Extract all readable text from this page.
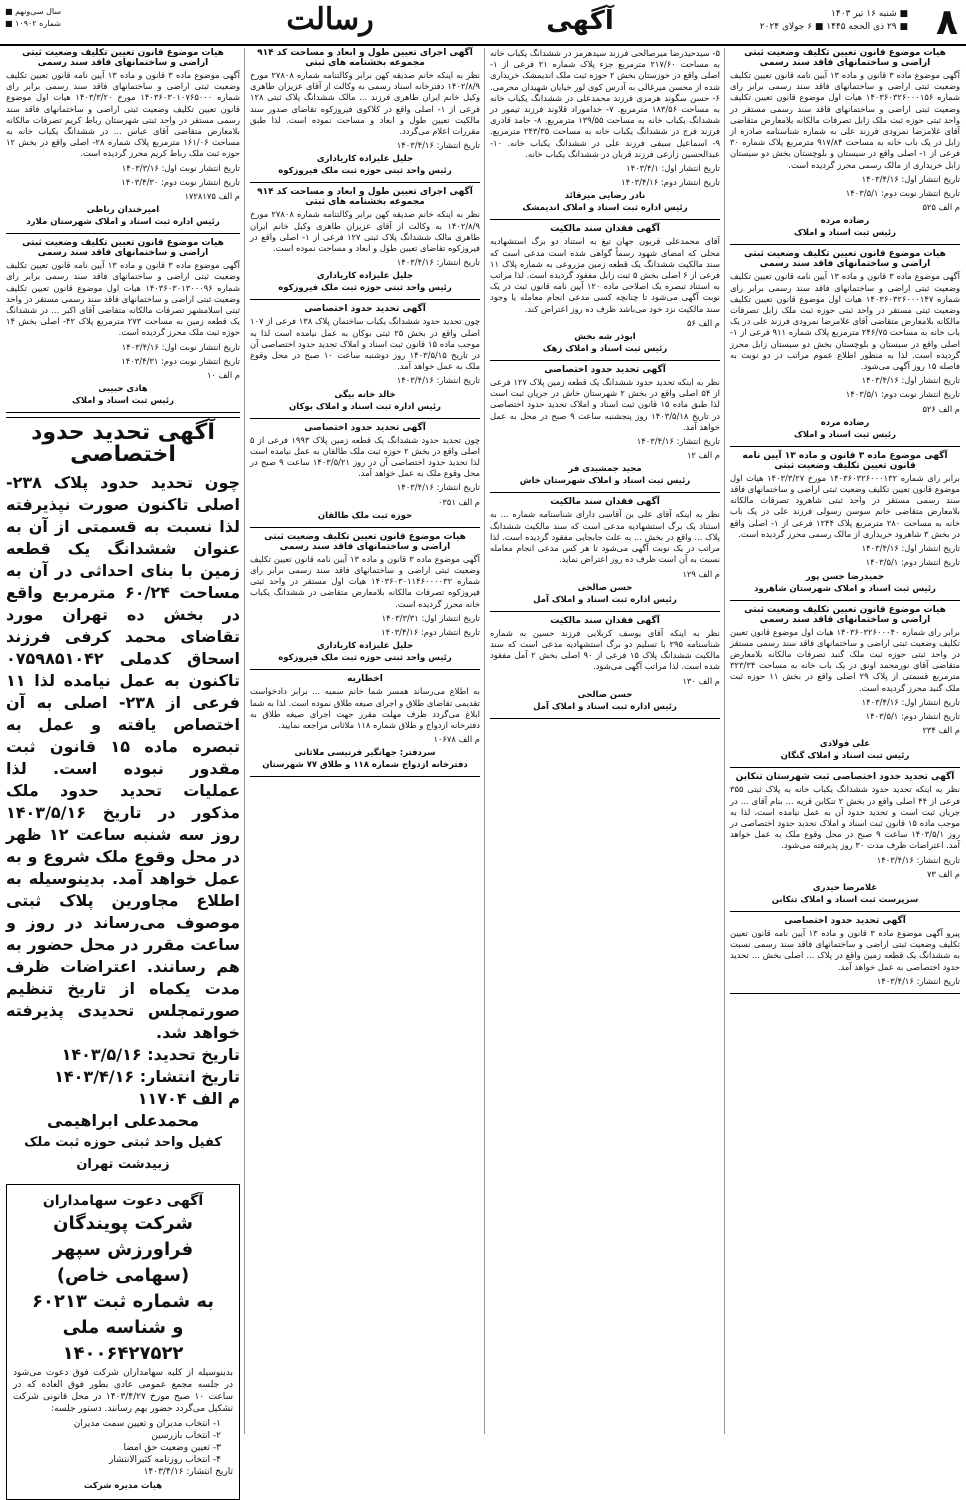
۸
■ شنبه ۱۶ تیر ۱۴۰۳
■ ۲۹ ذی الحجه ۱۴۴۵ ■ ۶ جولای ۲۰۲۴
آگهی
رسالت
سال سی‌ونهم ■
شماره ۱۰۹۰۲ ■
هیات موضوع قانون تعیین تکلیف وضعیت ثبتی اراضی و ساختمانهای فاقد سند رسمی

آگهی موضوع ماده ۳ قانون و ماده ۱۳ آیین نامه قانون تعیین تکلیف وضعیت ثبتی اراضی و ساختمانهای فاقد سند رسمی برابر رای شماره ۱۴۰۳۶۰۳۲۶۰۰۰۱۵۶ هیات اول موضوع قانون تعیین تکلیف وضعیت ثبتی اراضی و ساختمانهای فاقد سند رسمی مستقر در واحد ثبتی حوزه ثبت ملک زابل تصرفات مالکانه بلامعارض متقاضی آقای غلامرضا نمرودی فرزند علی به شماره شناسنامه صادره از زابل در یک باب خانه به مساحت ۹۱۷/۸۴ مترمربع پلاک شماره ۳۰ فرعی از ۱- اصلی واقع در سیستان و بلوچستان بخش دو سیستان زابل خریداری از مالک رسمی محرز گردیده است.

تاریخ انتشار اول: ۱۴۰۳/۴/۱۶

تاریخ انتشار نوبت دوم: ۱۴۰۳/۵/۱

م الف ۵۲۵

رضاده مرده
رئیس ثبت اسناد و املاک
هیات موضوع قانون تعیین تکلیف وضعیت ثبتی اراضی و ساختمانهای فاقد سند رسمی

آگهی موضوع ماده ۳ قانون و ماده ۱۳ آیین نامه قانون تعیین تکلیف وضعیت ثبتی اراضی و ساختمانهای فاقد سند رسمی برابر رای شماره ۱۴۰۳۶۰۳۲۶۰۰۰۱۴۷ هیات اول موضوع قانون تعیین تکلیف وضعیت ثبتی مستقر در واحد ثبتی حوزه ثبت ملک زابل تصرفات مالکانه بلامعارض متقاضی آقای غلامرضا نمرودی فرزند علی در یک باب خانه به مساحت ۲۴۶/۷۵ مترمربع پلاک شماره ۹۱۱ فرعی از ۱- اصلی واقع در سیستان و بلوچستان بخش دو سیستان زابل محرز گردیده است. لذا به منظور اطلاع عموم مراتب در دو نوبت به فاصله ۱۵ روز آگهی می‌شود.

تاریخ انتشار اول: ۱۴۰۳/۴/۱۶

تاریخ انتشار نوبت دوم: ۱۴۰۳/۵/۱

م الف ۵۲۶

رضاده مرده
رئیس ثبت اسناد و املاک
آگهی موضوع ماده ۳ قانون و ماده ۱۳ آیین نامه قانون تعیین تکلیف وضعیت ثبتی

برابر رای شماره ۱۴۰۳۶۰۳۲۶۰۰۰۱۳۲ مورخ ۱۴۰۳/۳/۲۷ هیات اول موضوع قانون تعیین تکلیف وضعیت ثبتی اراضی و ساختمانهای فاقد سند رسمی مستقر در واحد ثبتی شاهرود تصرفات مالکانه بلامعارض متقاضی خانم سوسن رسولی فرزند علی در یک باب خانه به مساحت ۲۸۰ مترمربع پلاک ۱۲۴۴ فرعی از ۱- اصلی واقع در بخش ۳ شاهرود خریداری از مالک رسمی محرز گردیده است.

تاریخ انتشار اول: ۱۴۰۳/۴/۱۶

تاریخ انتشار دوم: ۱۴۰۳/۵/۱

حمیدرضا حسن پور
رئیس ثبت اسناد و املاک شهرستان شاهرود
هیات موضوع قانون تعیین تکلیف وضعیت ثبتی اراضی و ساختمانهای فاقد سند رسمی

برابر رای شماره ۱۴۰۳۶۰۳۲۶۰۰۰۴۰ هیات اول موضوع قانون تعیین تکلیف وضعیت ثبتی اراضی و ساختمانهای فاقد سند رسمی مستقر در واحد ثبتی حوزه ثبت ملک گنبد تصرفات مالکانه بلامعارض متقاضی آقای نورمحمد اونق در یک باب خانه به مساحت ۳۲۳/۳۴ مترمربع قسمتی از پلاک ۲۹ اصلی واقع در بخش ۱۱ حوزه ثبت ملک گنبد محرز گردیده است.

تاریخ انتشار اول: ۱۴۰۳/۴/۱۶

تاریخ انتشار دوم: ۱۴۰۳/۵/۱

م الف ۲۳۴

علی فولادی
رئیس ثبت اسناد و املاک گنگان
آگهی تحدید حدود اختصاصی ثبت شهرستان تنکابن

نظر به اینکه تحدید حدود ششدانگ یکباب خانه به پلاک ثبتی ۳۵۵ فرعی از ۴۴ اصلی واقع در بخش ۲ تنکابن قریه ... بنام آقای ... در جریان ثبت است و تحدید حدود آن به عمل نیامده است، لذا به موجب ماده ۱۵ قانون ثبت اسناد و املاک تحدید حدود اختصاصی در روز ۱۴۰۳/۵/۱ ساعت ۹ صبح در محل وقوع ملک به عمل خواهد آمد. اعتراضات ظرف مدت ۳۰ روز پذیرفته می‌شود.

تاریخ انتشار: ۱۴۰۳/۴/۱۶

م الف ۷۳

غلامرضا حیدری
سرپرست ثبت اسناد و املاک تنکابن
آگهی تحدید حدود اختصاصی

پیرو آگهی موضوع ماده ۳ قانون و ماده ۱۳ آیین نامه قانون تعیین تکلیف وضعیت ثبتی اراضی و ساختمانهای فاقد سند رسمی نسبت به ششدانگ یک قطعه زمین واقع در پلاک ... اصلی بخش ... تحدید حدود اختصاصی به عمل خواهد آمد.

تاریخ انتشار: ۱۴۰۳/۴/۱۶

۵- سیدحیدرضا میرصالحی فرزند سیدهرمز در ششدانگ یکباب خانه به مساحت ۲۱۷/۶۰ مترمربع جزء پلاک شماره ۲۱ فرعی از ۱- اصلی واقع در خوزستان بخش ۲ حوزه ثبت ملک اندیمشک خریداری شده از محسن میرغالی به آدرس کوی لور خیابان شهیدان محرمی. ۶- حسن سگوند هرمزی فرزند محمدعلی در ششدانگ یکباب خانه به مساحت ۱۸۳/۵۶ مترمربع. ۷- خداموراد قلاوند فرزند تیمور در ششدانگ یکباب خانه به مساحت ۱۳۹/۵۵ مترمربع. ۸- حامد قادری فرزند فرج در ششدانگ یکباب خانه به مساحت ۲۴۳/۳۵ مترمربع. ۹- اسماعیل سیفی فرزند علی در ششدانگ یکباب خانه. ۱۰- عبدالحسین زارعی فرزند قربان در ششدانگ یکباب خانه.

تاریخ انتشار اول: ۱۴۰۳/۴/۱

تاریخ انتشار دوم: ۱۴۰۳/۴/۱۶

نادر رضایی میرقائد
رئیس اداره ثبت اسناد و املاک اندیمشک
آگهی فقدان سند مالکیت

آقای محمدعلی قربون جهان تیغ به استناد دو برگ استشهادیه محلی که امضای شهود رسماً گواهی شده است مدعی است که سند مالکیت ششدانگ یک قطعه زمین مزروعی به شماره پلاک ۱۱ فرعی از ۶ اصلی بخش ۵ ثبت زابل مفقود گردیده است. لذا مراتب به استناد تبصره یک اصلاحی ماده ۱۲۰ آیین نامه قانون ثبت در یک نوبت آگهی می‌شود تا چنانچه کسی مدعی انجام معامله یا وجود سند مالکیت نزد خود می‌باشد ظرف ده روز اعتراض کند.

م الف ۵۶

ابوذر شه بخش
رئیس ثبت اسناد و املاک زهک
آگهی تحدید حدود اختصاصی

نظر به اینکه تحدید حدود ششدانگ یک قطعه زمین پلاک ۱۲۷ فرعی از ۵۴ اصلی واقع در بخش ۲ شهرستان خاش در جریان ثبت است لذا طبق ماده ۱۵ قانون ثبت اسناد و املاک تحدید حدود اختصاصی در تاریخ ۱۴۰۳/۵/۱۸ روز پنجشنبه ساعت ۹ صبح در محل به عمل خواهد آمد.

تاریخ انتشار: ۱۴۰۳/۴/۱۶

م الف ۱۲

مجید جمشیدی فر
رئیس ثبت اسناد و املاک شهرستان خاش
آگهی فقدان سند مالکیت

نظر به اینکه آقای علی بن آقاسی دارای شناسنامه شماره ... به استناد یک برگ استشهادیه مدعی است که سند مالکیت ششدانگ پلاک ... واقع در بخش ... به علت جابجایی مفقود گردیده است. لذا مراتب در یک نوبت آگهی می‌شود تا هر کس مدعی انجام معامله نسبت به آن است ظرف ده روز اعتراض نماید.

م الف ۱۲۹

حسن صالحی
رئیس اداره ثبت اسناد و املاک آمل
آگهی فقدان سند مالکیت

نظر به اینکه آقای یوسف کربلایی فرزند حسین به شماره شناسنامه ۲۹۵ با تسلیم دو برگ استشهادیه مدعی است که سند مالکیت ششدانگ پلاک ۱۵ فرعی از ۹۰ اصلی بخش ۲ آمل مفقود شده است. لذا مراتب آگهی می‌شود.

م الف ۱۳۰

حسن صالحی
رئیس اداره ثبت اسناد و املاک آمل
آگهی اجرای تعیین طول و ابعاد و مساحت کد ۹۱۴ مجموعه بخشنامه های ثبتی

نظر به اینکه خانم صدیقه کهن برابر وکالتنامه شماره ۲۷۸۰۸ مورخ ۱۴۰۲/۸/۹ دفترخانه اسناد رسمی به وکالت از آقای عزیزان طاهری وکیل خانم ایران طاهری فرزند ... مالک ششدانگ پلاک ثبتی ۱۲۸ فرعی از ۱- اصلی واقع در کلاکوی فیروزکوه تقاضای صدور سند مالکیت تعیین طول و ابعاد و مساحت نموده است. لذا طبق مقررات اعلام می‌گردد.

تاریخ انتشار: ۱۴۰۳/۴/۱۶

جلیل علیزاده کاریاداری
رئیس واحد ثبتی حوزه ثبت ملک فیروزکوه
آگهی اجرای تعیین طول و ابعاد و مساحت کد ۹۱۴ مجموعه بخشنامه های ثبتی

نظر به اینکه خانم صدیقه کهن برابر وکالتنامه شماره ۲۷۸۰۸ مورخ ۱۴۰۲/۸/۹ به وکالت از آقای عزیزان طاهری وکیل خانم ایران طاهری مالک ششدانگ پلاک ثبتی ۱۲۷ فرعی از ۱- اصلی واقع در فیروزکوه تقاضای تعیین طول و ابعاد و مساحت نموده است.

تاریخ انتشار: ۱۴۰۳/۴/۱۶

جلیل علیزاده کاریاداری
رئیس واحد ثبتی حوزه ثبت ملک فیروزکوه
آگهی تحدید حدود اختصاصی

چون تحدید حدود ششدانگ یکباب ساختمان پلاک ۱۳۸ فرعی از ۱۰۷ اصلی واقع در بخش ۲۵ ثبتی بوکان به عمل نیامده است لذا به موجب ماده ۱۵ قانون ثبت اسناد و املاک تحدید حدود اختصاصی آن در تاریخ ۱۴۰۳/۵/۱۵ روز دوشنبه ساعت ۱۰ صبح در محل وقوع ملک به عمل خواهد آمد.

تاریخ انتشار: ۱۴۰۳/۴/۱۶

خالد خانه بیگی
رئیس اداره ثبت اسناد و املاک بوکان
آگهی تحدید حدود اختصاصی

چون تحدید حدود ششدانگ یک قطعه زمین پلاک ۱۹۹۳ فرعی از ۵ اصلی واقع در بخش ۲ حوزه ثبت ملک طالقان به عمل نیامده است لذا تحدید حدود اختصاصی آن در روز ۱۴۰۳/۵/۲۱ ساعت ۹ صبح در محل وقوع ملک به عمل خواهد آمد.

تاریخ انتشار: ۱۴۰۳/۴/۱۶

م الف ۰۳۵۱

حوزه ثبت ملک طالقان
هیات موضوع قانون تعیین تکلیف وضعیت ثبتی اراضی و ساختمانهای فاقد سند رسمی

آگهی موضوع ماده ۳ قانون و ماده ۱۳ آیین نامه قانون تعیین تکلیف وضعیت ثبتی اراضی و ساختمانهای فاقد سند رسمی برابر رای شماره ۱۴۰۳۶۰۳۰۱۱۴۶۰۰۰۰۳۲ هیات اول مستقر در واحد ثبتی فیروزکوه تصرفات مالکانه بلامعارض متقاضی در ششدانگ یکباب خانه محرز گردیده است.

تاریخ انتشار اول: ۱۴۰۳/۳/۳۱

تاریخ انتشار دوم: ۱۴۰۳/۴/۱۶

جلیل علیزاده کاریاداری
رئیس واحد ثبتی حوزه ثبت ملک فیروزکوه
اخطاریه

به اطلاع می‌رساند همسر شما خانم سمیه ... برابر دادخواست تقدیمی تقاضای طلاق و اجرای صیغه طلاق نموده است. لذا به شما ابلاغ می‌گردد ظرف مهلت مقرر جهت اجرای صیغه طلاق به دفترخانه ازدواج و طلاق شماره ۱۱۸ ملاثانی مراجعه نمایید.

م الف ۱۰۶۷۸

سردفتر: جهانگیر فرنیسی ملاثانی
دفترخانه ازدواج شماره ۱۱۸ و طلاق ۷۷ شهرستان
هیات موضوع قانون تعیین تکلیف وضعیت ثبتی اراضی و ساختمانهای فاقد سند رسمی

آگهی موضوع ماده ۳ قانون و ماده ۱۳ آیین نامه قانون تعیین تکلیف وضعیت ثبتی اراضی و ساختمانهای فاقد سند رسمی برابر رای شماره ۱۴۰۳۶۰۳۰۱۰۷۶۵۰۰۰ مورخ ۱۴۰۳/۳/۲۰ هیات اول موضوع قانون تعیین تکلیف وضعیت ثبتی اراضی و ساختمانهای فاقد سند رسمی مستقر در واحد ثبتی شهرستان رباط کریم تصرفات مالکانه بلامعارض متقاضی آقای عباس ... در ششدانگ یکباب خانه به مساحت ۱۶۱/۰۶ مترمربع پلاک شماره ۲۸- اصلی واقع در بخش ۱۲ حوزه ثبت ملک رباط کریم محرز گردیده است.

تاریخ انتشار نوبت اول: ۱۴۰۳/۳/۱۶

تاریخ انتشار نوبت دوم: ۱۴۰۳/۴/۳۰

م الف ۱۷۲۸۱۷۵

امیرخندان رباطی
رئیس اداره ثبت اسناد و املاک شهرستان ملارد
هیات موضوع قانون تعیین تکلیف وضعیت ثبتی اراضی و ساختمانهای فاقد سند رسمی

آگهی موضوع ماده ۳ قانون و ماده ۱۳ آیین نامه قانون تعیین تکلیف وضعیت ثبتی اراضی و ساختمانهای فاقد سند رسمی برابر رای شماره ۱۴۰۳۶۰۳۰۱۳۰۰۰۹۶ هیات اول موضوع قانون تعیین تکلیف وضعیت ثبتی اراضی و ساختمانهای فاقد سند رسمی مستقر در واحد ثبتی اسلامشهر تصرفات مالکانه متقاضی آقای اکبر ... در ششدانگ یک قطعه زمین به مساحت ۲۷۳ مترمربع پلاک ۴۲- اصلی بخش ۱۴ حوزه ثبت ملک محرز گردیده است.

تاریخ انتشار نوبت اول: ۱۴۰۳/۴/۱۶

تاریخ انتشار نوبت دوم: ۱۴۰۳/۴/۳۱

م الف ۱۰

هادی حبیبی
رئیس ثبت اسناد و املاک
آگهی تحدید حدود اختصاصی
چون تحدید حدود پلاک ۲۳۸- اصلی تاکنون صورت نپذیرفته لذا نسبت به قسمتی از آن به عنوان ششدانگ یک قطعه زمین با بنای احداثی در آن به مساحت ۶۰/۲۴ مترمربع واقع در بخش ده تهران مورد تقاضای محمد کرفی فرزند اسحاق کدملی ۰۷۵۹۸۵۱۰۴۲ تاکنون به عمل نیامده لذا ۱۱ فرعی از ۲۳۸- اصلی به آن اختصاص یافته و عمل به تبصره ماده ۱۵ قانون ثبت مقدور نبوده است. لذا عملیات تحدید حدود ملک مذکور در تاریخ ۱۴۰۳/۵/۱۶ روز سه شنبه ساعت ۱۲ ظهر در محل وقوع ملک شروع و به عمل خواهد آمد. بدینوسیله به اطلاع مجاورین پلاک ثبتی موصوف می‌رساند در روز و ساعت مقرر در محل حضور به هم رسانند. اعتراضات ظرف مدت یکماه از تاریخ تنظیم صورتمجلس تحدیدی پذیرفته خواهد شد.
تاریخ تحدید: ۱۴۰۳/۵/۱۶
تاریخ انتشار: ۱۴۰۳/۴/۱۶
م الف ۱۱۷۰۴
محمدعلی ابراهیمی
کفیل واحد ثبتی حوزه ثبت ملک زبیدشت تهران
آگهی دعوت سهامداران
شرکت پویندگان فراورزش سپهر
(سهامی خاص)
به شماره ثبت ۶۰۲۱۳
و شناسه ملی ۱۴۰۰۶۴۲۷۵۲۲

بدینوسیله از کلیه سهامداران شرکت فوق دعوت می‌شود در جلسه مجمع عمومی عادی بطور فوق العاده که در ساعت ۱۰ صبح مورخ ۱۴۰۳/۴/۲۷ در محل قانونی شرکت تشکیل می‌گردد حضور بهم رسانند. دستور جلسه:

۱- انتخاب مدیران و تعیین سمت مدیران
۲- انتخاب بازرسین
۳- تعیین وضعیت حق امضا
۴- انتخاب روزنامه کثیرالانتشار

تاریخ انتشار: ۱۴۰۳/۴/۱۶

هیات مدیره شرکت
